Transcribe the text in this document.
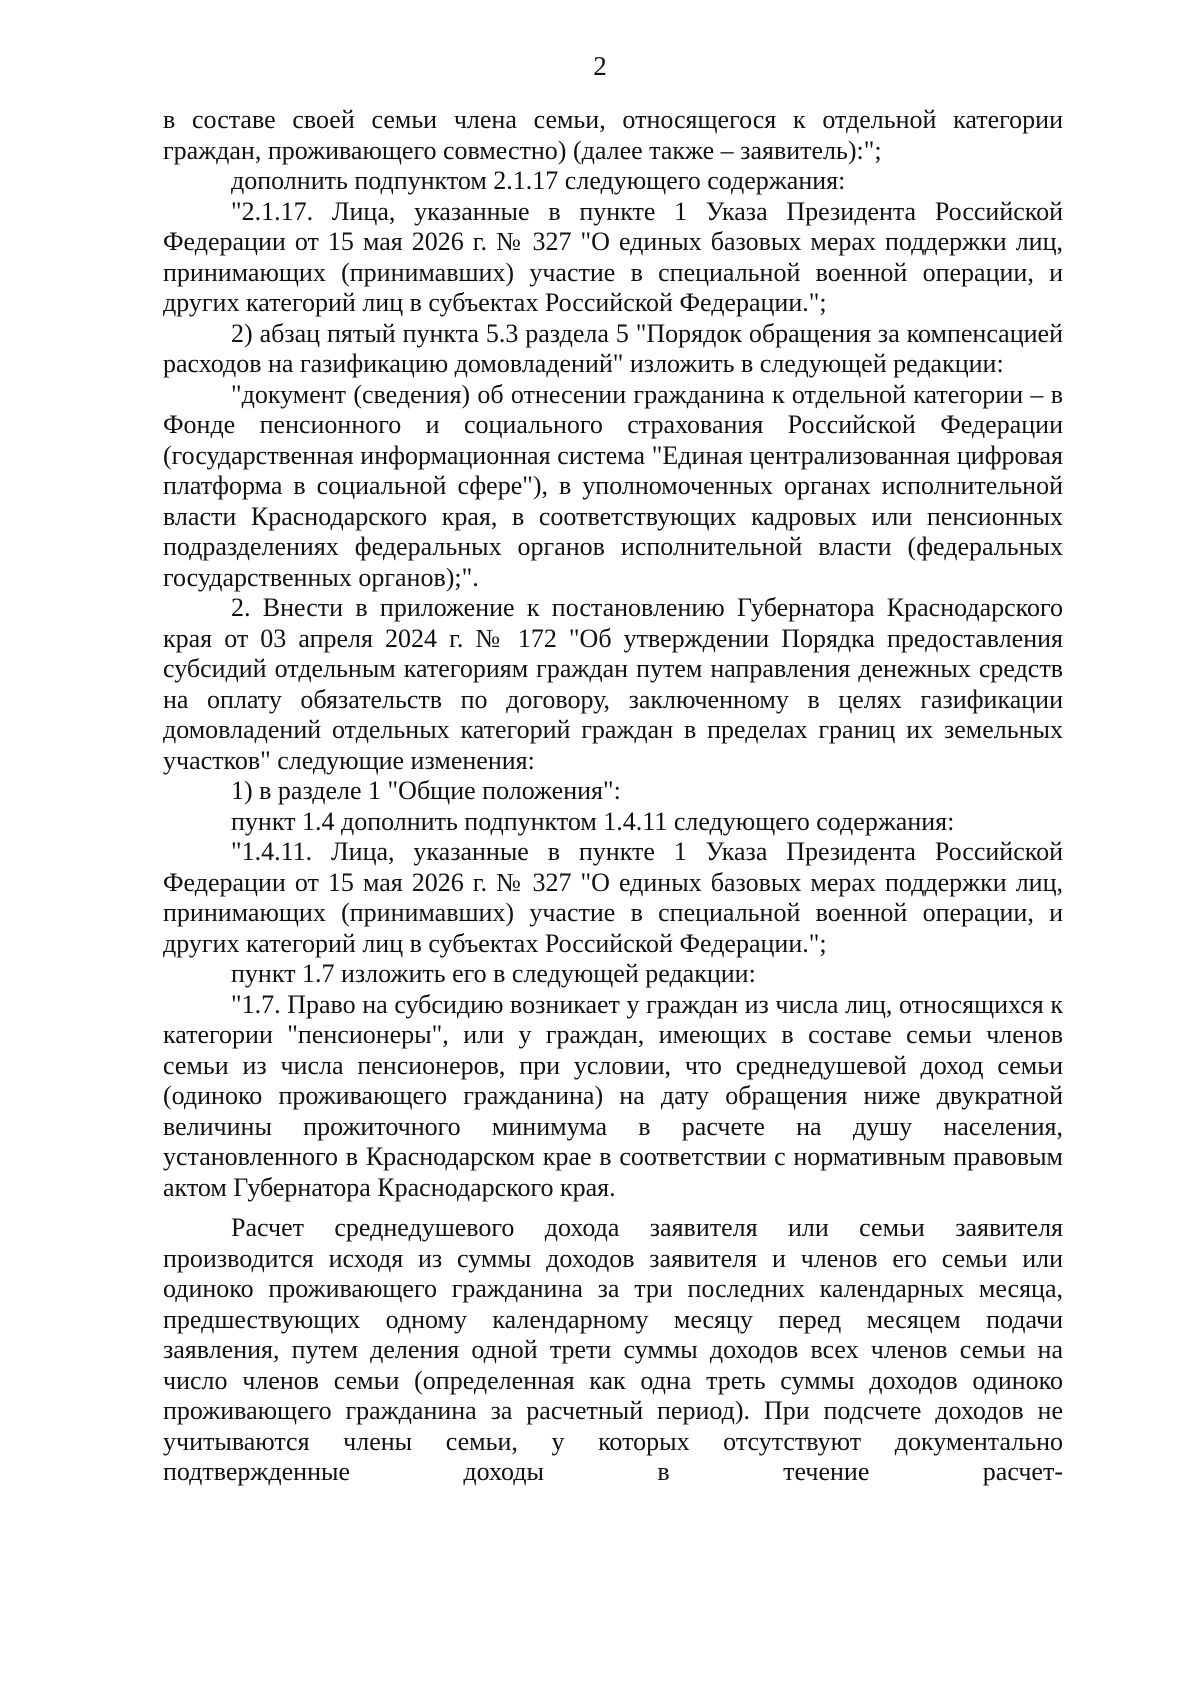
2

в составе своей семьи члена семьи, относящегося к отдельной категории граждан, проживающего совместно) (далее также – заявитель):";

дополнить подпунктом 2.1.17 следующего содержания:

"2.1.17. Лица, указанные в пункте 1 Указа Президента Российской Федерации от 15 мая 2026 г. № 327 "О единых базовых мерах поддержки лиц, принимающих (принимавших) участие в специальной военной операции, и других категорий лиц в субъектах Российской Федерации.";

2) абзац пятый пункта 5.3 раздела 5 "Порядок обращения за компенсацией расходов на газификацию домовладений" изложить в следующей редакции:

"документ (сведения) об отнесении гражданина к отдельной категории – в Фонде пенсионного и социального страхования Российской Федерации (государственная информационная система "Единая централизованная цифровая платформа в социальной сфере"), в уполномоченных органах исполнительной власти Краснодарского края, в соответствующих кадровых или пенсионных подразделениях федеральных органов исполнительной власти (федеральных государственных органов);".

2. Внести в приложение к постановлению Губернатора Краснодарского края от 03 апреля 2024 г. № 172 "Об утверждении Порядка предоставления субсидий отдельным категориям граждан путем направления денежных средств на оплату обязательств по договору, заключенному в целях газификации домовладений отдельных категорий граждан в пределах границ их земельных участков" следующие изменения:

1) в разделе 1 "Общие положения":

пункт 1.4 дополнить подпунктом 1.4.11 следующего содержания:

"1.4.11. Лица, указанные в пункте 1 Указа Президента Российской Федерации от 15 мая 2026 г. № 327 "О единых базовых мерах поддержки лиц, принимающих (принимавших) участие в специальной военной операции, и других категорий лиц в субъектах Российской Федерации.";

пункт 1.7 изложить его в следующей редакции:

"1.7. Право на субсидию возникает у граждан из числа лиц, относящихся к категории "пенсионеры", или у граждан, имеющих в составе семьи членов семьи из числа пенсионеров, при условии, что среднедушевой доход семьи (одиноко проживающего гражданина) на дату обращения ниже двукратной величины прожиточного минимума в расчете на душу населения, установленного в Краснодарском крае в соответствии с нормативным правовым актом Губернатора Краснодарского края.

Расчет среднедушевого дохода заявителя или семьи заявителя производится исходя из суммы доходов заявителя и членов его семьи или одиноко проживающего гражданина за три последних календарных месяца, предшествующих одному календарному месяцу перед месяцем подачи заявления, путем деления одной трети суммы доходов всех членов семьи на число членов семьи (определенная как одна треть суммы доходов одиноко проживающего гражданина за расчетный период). При подсчете доходов не учитываются члены семьи, у которых отсутствуют документально подтвержденные доходы в течение расчет-
